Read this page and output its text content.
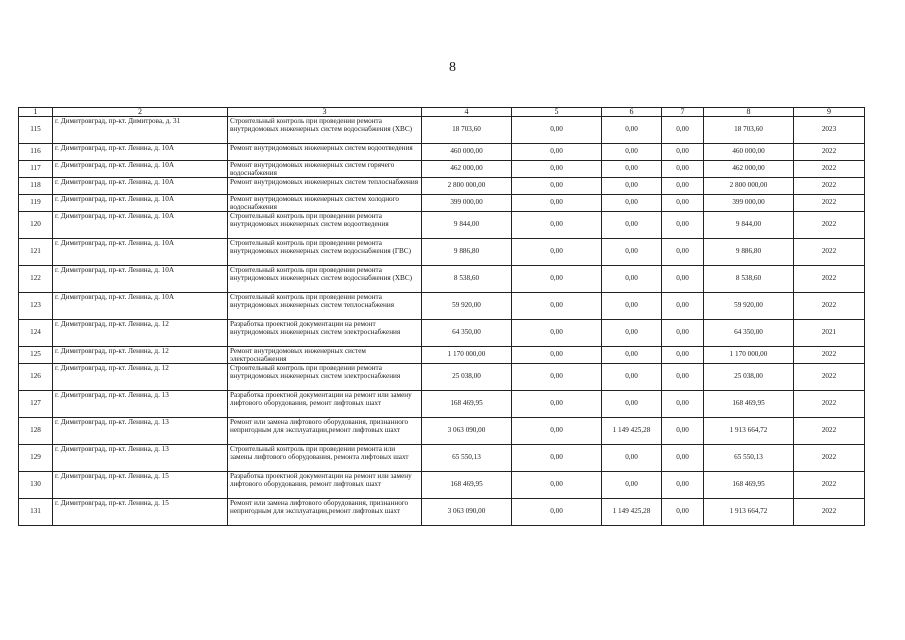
8
1	2	3	4	5	6	7	8	9
115	г. Димитровград, пр-кт. Димитрова, д. 31	Строительный контроль при проведении ремонта внутридомовых инженерных систем водоснабжения (ХВС)	18 703,60	0,00	0,00	0,00	18 703,60	2023
116	г. Димитровград, пр-кт. Ленина, д. 10А	Ремонт внутридомовых инженерных систем водоотведения	460 000,00	0,00	0,00	0,00	460 000,00	2022
117	г. Димитровград, пр-кт. Ленина, д. 10А	Ремонт внутридомовых инженерных систем горячего водоснабжения	462 000,00	0,00	0,00	0,00	462 000,00	2022
118	г. Димитровград, пр-кт. Ленина, д. 10А	Ремонт внутридомовых инженерных систем теплоснабжения	2 800 000,00	0,00	0,00	0,00	2 800 000,00	2022
119	г. Димитровград, пр-кт. Ленина, д. 10А	Ремонт внутридомовых инженерных систем холодного водоснабжения	399 000,00	0,00	0,00	0,00	399 000,00	2022
120	г. Димитровград, пр-кт. Ленина, д. 10А	Строительный контроль при проведении ремонта внутридомовых инженерных систем водоотведения	9 844,00	0,00	0,00	0,00	9 844,00	2022
121	г. Димитровград, пр-кт. Ленина, д. 10А	Строительный контроль при проведении ремонта внутридомовых инженерных систем водоснабжения (ГВС)	9 886,80	0,00	0,00	0,00	9 886,80	2022
122	г. Димитровград, пр-кт. Ленина, д. 10А	Строительный контроль при проведении ремонта внутридомовых инженерных систем водоснабжения (ХВС)	8 538,60	0,00	0,00	0,00	8 538,60	2022
123	г. Димитровград, пр-кт. Ленина, д. 10А	Строительный контроль при проведении ремонта внутридомовых инженерных систем теплоснабжения	59 920,00	0,00	0,00	0,00	59 920,00	2022
124	г. Димитровград, пр-кт. Ленина, д. 12	Разработка проектной документации на ремонт внутридомовых инженерных систем электроснабжения	64 350,00	0,00	0,00	0,00	64 350,00	2021
125	г. Димитровград, пр-кт. Ленина, д. 12	Ремонт внутридомовых инженерных систем электроснабжения	1 170 000,00	0,00	0,00	0,00	1 170 000,00	2022
126	г. Димитровград, пр-кт. Ленина, д. 12	Строительный контроль при проведении ремонта внутридомовых инженерных систем электроснабжения	25 038,00	0,00	0,00	0,00	25 038,00	2022
127	г. Димитровград, пр-кт. Ленина, д. 13	Разработка проектной документации на ремонт или замену лифтового оборудования, ремонт лифтовых шахт	168 469,95	0,00	0,00	0,00	168 469,95	2022
128	г. Димитровград, пр-кт. Ленина, д. 13	Ремонт или замена лифтового оборудования, признанного непригодным для эксплуатации,ремонт лифтовых шахт	3 063 090,00	0,00	1 149 425,28	0,00	1 913 664,72	2022
129	г. Димитровград, пр-кт. Ленина, д. 13	Строительный контроль при проведении ремонта или замены лифтового оборудования, ремонта лифтовых шахт	65 550,13	0,00	0,00	0,00	65 550,13	2022
130	г. Димитровград, пр-кт. Ленина, д. 15	Разработка проектной документации на ремонт или замену лифтового оборудования, ремонт лифтовых шахт	168 469,95	0,00	0,00	0,00	168 469,95	2022
131	г. Димитровград, пр-кт. Ленина, д. 15	Ремонт или замена лифтового оборудования, признанного непригодным для эксплуатации,ремонт лифтовых шахт	3 063 090,00	0,00	1 149 425,28	0,00	1 913 664,72	2022
